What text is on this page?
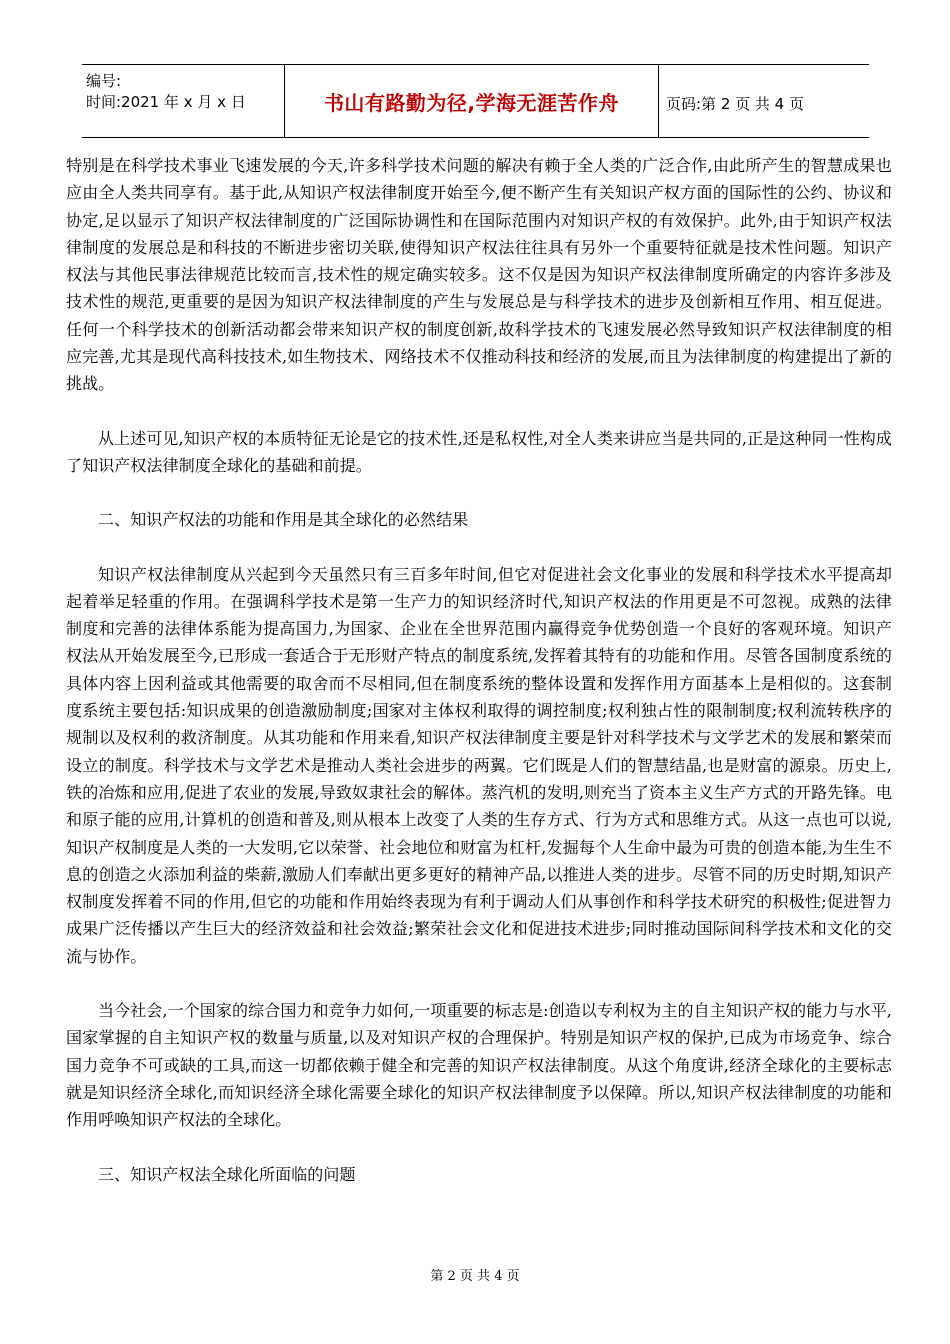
编号:
时间:2021 年 x 月 x 日	书山有路勤为径,学海无涯苦作舟	页码:第 2 页 共 4 页

特别是在科学技术事业飞速发展的今天,许多科学技术问题的解决有赖于全人类的广泛合作,由此所产生的智慧成果也应由全人类共同享有。基于此,从知识产权法律制度开始至今,便不断产生有关知识产权方面的国际性的公约、协议和协定,足以显示了知识产权法律制度的广泛国际协调性和在国际范围内对知识产权的有效保护。此外,由于知识产权法律制度的发展总是和科技的不断进步密切关联,使得知识产权法往往具有另外一个重要特征就是技术性问题。知识产权法与其他民事法律规范比较而言,技术性的规定确实较多。这不仅是因为知识产权法律制度所确定的内容许多涉及技术性的规范,更重要的是因为知识产权法律制度的产生与发展总是与科学技术的进步及创新相互作用、相互促进。任何一个科学技术的创新活动都会带来知识产权的制度创新,故科学技术的飞速发展必然导致知识产权法律制度的相应完善,尤其是现代高科技技术,如生物技术、网络技术不仅推动科技和经济的发展,而且为法律制度的构建提出了新的挑战。

从上述可见,知识产权的本质特征无论是它的技术性,还是私权性,对全人类来讲应当是共同的,正是这种同一性构成了知识产权法律制度全球化的基础和前提。

二、知识产权法的功能和作用是其全球化的必然结果

知识产权法律制度从兴起到今天虽然只有三百多年时间,但它对促进社会文化事业的发展和科学技术水平提高却起着举足轻重的作用。在强调科学技术是第一生产力的知识经济时代,知识产权法的作用更是不可忽视。成熟的法律制度和完善的法律体系能为提高国力,为国家、企业在全世界范围内赢得竞争优势创造一个良好的客观环境。知识产权法从开始发展至今,已形成一套适合于无形财产特点的制度系统,发挥着其特有的功能和作用。尽管各国制度系统的具体内容上因利益或其他需要的取舍而不尽相同,但在制度系统的整体设置和发挥作用方面基本上是相似的。这套制度系统主要包括:知识成果的创造激励制度;国家对主体权利取得的调控制度;权利独占性的限制制度;权利流转秩序的规制以及权利的救济制度。从其功能和作用来看,知识产权法律制度主要是针对科学技术与文学艺术的发展和繁荣而设立的制度。科学技术与文学艺术是推动人类社会进步的两翼。它们既是人们的智慧结晶,也是财富的源泉。历史上,铁的冶炼和应用,促进了农业的发展,导致奴隶社会的解体。蒸汽机的发明,则充当了资本主义生产方式的开路先锋。电和原子能的应用,计算机的创造和普及,则从根本上改变了人类的生存方式、行为方式和思维方式。从这一点也可以说,知识产权制度是人类的一大发明,它以荣誉、社会地位和财富为杠杆,发掘每个人生命中最为可贵的创造本能,为生生不息的创造之火添加利益的柴薪,激励人们奉献出更多更好的精神产品,以推进人类的进步。尽管不同的历史时期,知识产权制度发挥着不同的作用,但它的功能和作用始终表现为有利于调动人们从事创作和科学技术研究的积极性;促进智力成果广泛传播以产生巨大的经济效益和社会效益;繁荣社会文化和促进技术进步;同时推动国际间科学技术和文化的交流与协作。

当今社会,一个国家的综合国力和竞争力如何,一项重要的标志是:创造以专利权为主的自主知识产权的能力与水平,国家掌握的自主知识产权的数量与质量,以及对知识产权的合理保护。特别是知识产权的保护,已成为市场竞争、综合国力竞争不可或缺的工具,而这一切都依赖于健全和完善的知识产权法律制度。从这个角度讲,经济全球化的主要标志就是知识经济全球化,而知识经济全球化需要全球化的知识产权法律制度予以保障。所以,知识产权法律制度的功能和作用呼唤知识产权法的全球化。

三、知识产权法全球化所面临的问题

第 2 页 共 4 页
